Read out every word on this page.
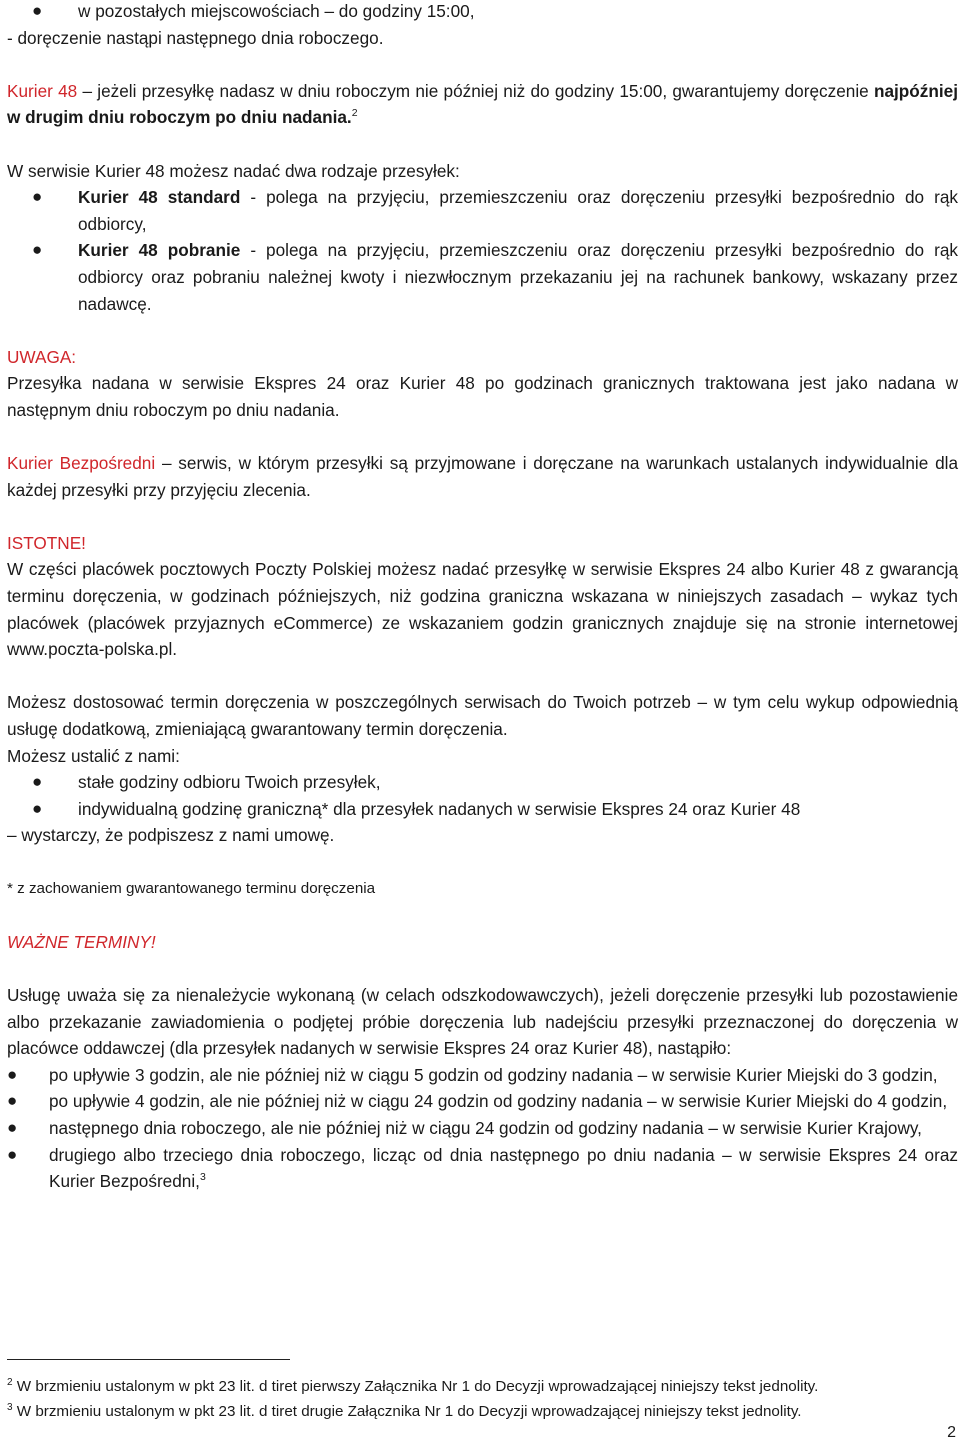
● w pozostałych miejscowościach – do godziny 15:00,

- doręczenie nastąpi następnego dnia roboczego.

Kurier 48 – jeżeli przesyłkę nadasz w dniu roboczym nie później niż do godziny 15:00, gwarantujemy doręczenie najpóźniej w drugim dniu roboczym po dniu nadania.$^2$

W serwisie Kurier 48 możesz nadać dwa rodzaje przesyłek:

● Kurier 48 standard - polega na przyjęciu, przemieszczeniu oraz doręczeniu przesyłki bezpośrednio do rąk odbiorcy,
● Kurier 48 pobranie - polega na przyjęciu, przemieszczeniu oraz doręczeniu przesyłki bezpośrednio do rąk odbiorcy oraz pobraniu należnej kwoty i niezwłocznym przekazaniu jej na rachunek bankowy, wskazany przez nadawcę.

UWAGA:

Przesyłka nadana w serwisie Ekspres 24 oraz Kurier 48 po godzinach granicznych traktowana jest jako nadana w następnym dniu roboczym po dniu nadania.

Kurier Bezpośredni – serwis, w którym przesyłki są przyjmowane i doręczane na warunkach ustalanych indywidualnie dla każdej przesyłki przy przyjęciu zlecenia.

ISTOTNE!

W części placówek pocztowych Poczty Polskiej możesz nadać przesyłkę w serwisie Ekspres 24 albo Kurier 48 z gwarancją terminu doręczenia, w godzinach późniejszych, niż godzina graniczna wskazana w niniejszych zasadach – wykaz tych placówek (placówek przyjaznych eCommerce) ze wskazaniem godzin granicznych znajduje się na stronie internetowej www.poczta-polska.pl.

Możesz dostosować termin doręczenia w poszczególnych serwisach do Twoich potrzeb – w tym celu wykup odpowiednią usługę dodatkową, zmieniającą gwarantowany termin doręczenia.

Możesz ustalić z nami:

● stałe godziny odbioru Twoich przesyłek,
● indywidualną godzinę graniczną* dla przesyłek nadanych w serwisie Ekspres 24 oraz Kurier 48

– wystarczy, że podpiszesz z nami umowę.

* z zachowaniem gwarantowanego terminu doręczenia

WAŻNE TERMINY!

Usługę uważa się za nienależycie wykonaną (w celach odszkodowawczych), jeżeli doręczenie przesyłki lub pozostawienie albo przekazanie zawiadomienia o podjętej próbie doręczenia lub nadejściu przesyłki przeznaczonej do doręczenia w placówce oddawczej (dla przesyłek nadanych w serwisie Ekspres 24 oraz Kurier 48), nastąpiło:

● po upływie 3 godzin, ale nie później niż w ciągu 5 godzin od godziny nadania – w serwisie Kurier Miejski do 3 godzin,
● po upływie 4 godzin, ale nie później niż w ciągu 24 godzin od godziny nadania – w serwisie Kurier Miejski do 4 godzin,
● następnego dnia roboczego, ale nie później niż w ciągu 24 godzin od godziny nadania – w serwisie Kurier Krajowy,
● drugiego albo trzeciego dnia roboczego, licząc od dnia następnego po dniu nadania – w serwisie Ekspres 24 oraz Kurier Bezpośredni,$^3$
$^2$ W brzmieniu ustalonym w pkt 23 lit. d tiret pierwszy Załącznika Nr 1 do Decyzji wprowadzającej niniejszy tekst jednolity.
$^3$ W brzmieniu ustalonym w pkt 23 lit. d tiret drugie Załącznika Nr 1 do Decyzji wprowadzającej niniejszy tekst jednolity.
2
